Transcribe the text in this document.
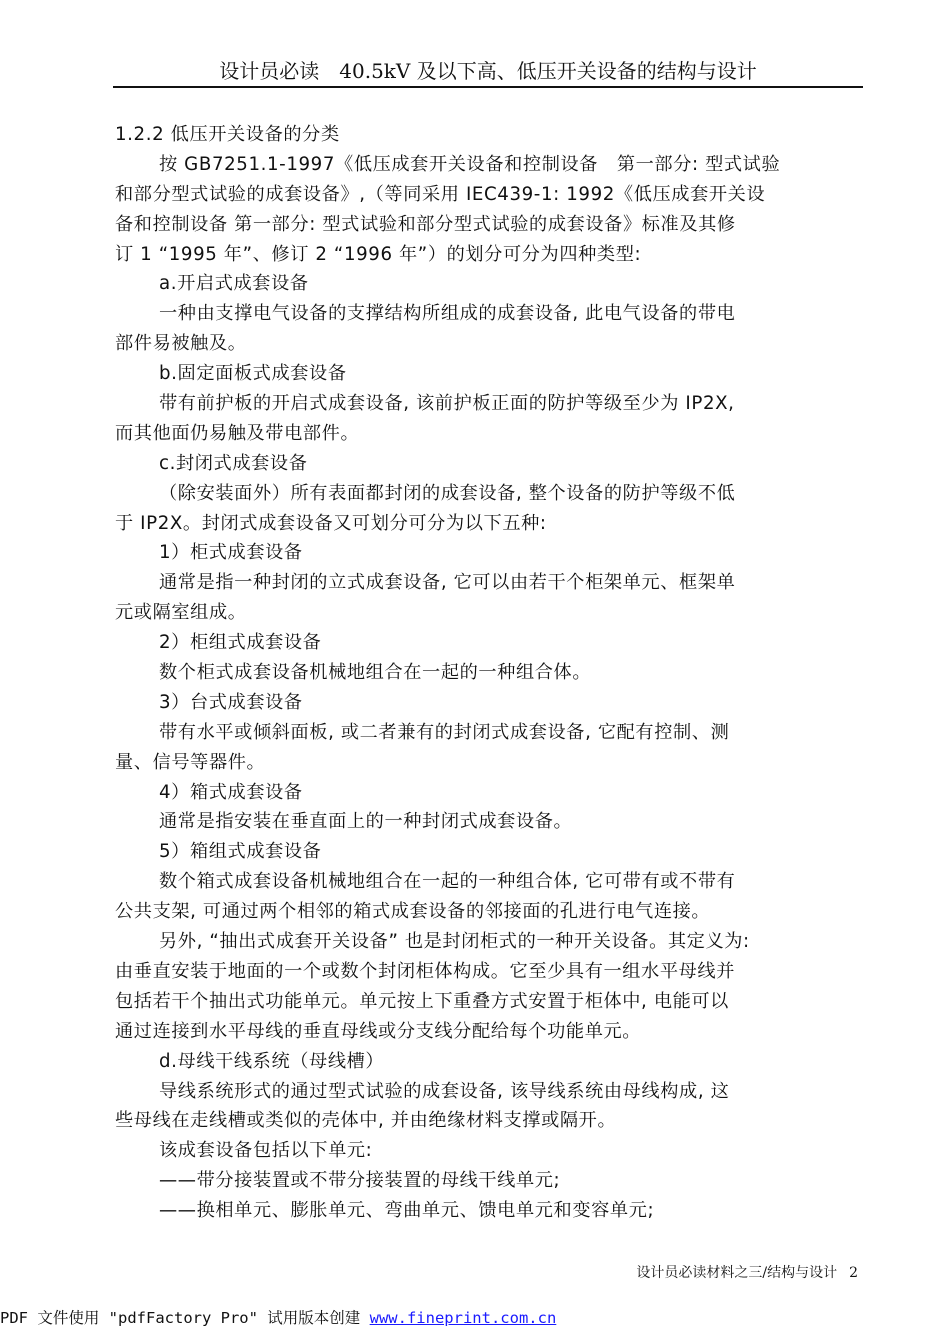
设计员必读　40.5kV 及以下高、低压开关设备的结构与设计

1.2.2 低压开关设备的分类

按 GB7251.1-1997《低压成套开关设备和控制设备　第一部分: 型式试验

和部分型式试验的成套设备》,（等同采用 IEC439-1: 1992《低压成套开关设

备和控制设备 第一部分: 型式试验和部分型式试验的成套设备》标准及其修

订 1 “1995 年”、修订 2 “1996 年”）的划分可分为四种类型:

a.开启式成套设备

一种由支撑电气设备的支撑结构所组成的成套设备, 此电气设备的带电

部件易被触及。

b.固定面板式成套设备

带有前护板的开启式成套设备, 该前护板正面的防护等级至少为 IP2X,

而其他面仍易触及带电部件。

c.封闭式成套设备

（除安装面外）所有表面都封闭的成套设备, 整个设备的防护等级不低

于 IP2X。封闭式成套设备又可划分可分为以下五种:

1）柜式成套设备

通常是指一种封闭的立式成套设备, 它可以由若干个柜架单元、框架单

元或隔室组成。

2）柜组式成套设备

数个柜式成套设备机械地组合在一起的一种组合体。

3）台式成套设备

带有水平或倾斜面板, 或二者兼有的封闭式成套设备, 它配有控制、测

量、信号等器件。

4）箱式成套设备

通常是指安装在垂直面上的一种封闭式成套设备。

5）箱组式成套设备

数个箱式成套设备机械地组合在一起的一种组合体, 它可带有或不带有

公共支架, 可通过两个相邻的箱式成套设备的邻接面的孔进行电气连接。

另外, “抽出式成套开关设备” 也是封闭柜式的一种开关设备。其定义为:

由垂直安装于地面的一个或数个封闭柜体构成。它至少具有一组水平母线并

包括若干个抽出式功能单元。单元按上下重叠方式安置于柜体中, 电能可以

通过连接到水平母线的垂直母线或分支线分配给每个功能单元。

d.母线干线系统（母线槽）

导线系统形式的通过型式试验的成套设备, 该导线系统由母线构成, 这

些母线在走线槽或类似的壳体中, 并由绝缘材料支撑或隔开。

该成套设备包括以下单元:

——带分接装置或不带分接装置的母线干线单元;

——换相单元、膨胀单元、弯曲单元、馈电单元和变容单元;

设计员必读材料之三/结构与设计 2
PDF 文件使用 "pdfFactory Pro" 试用版本创建 www.fineprint.com.cn
